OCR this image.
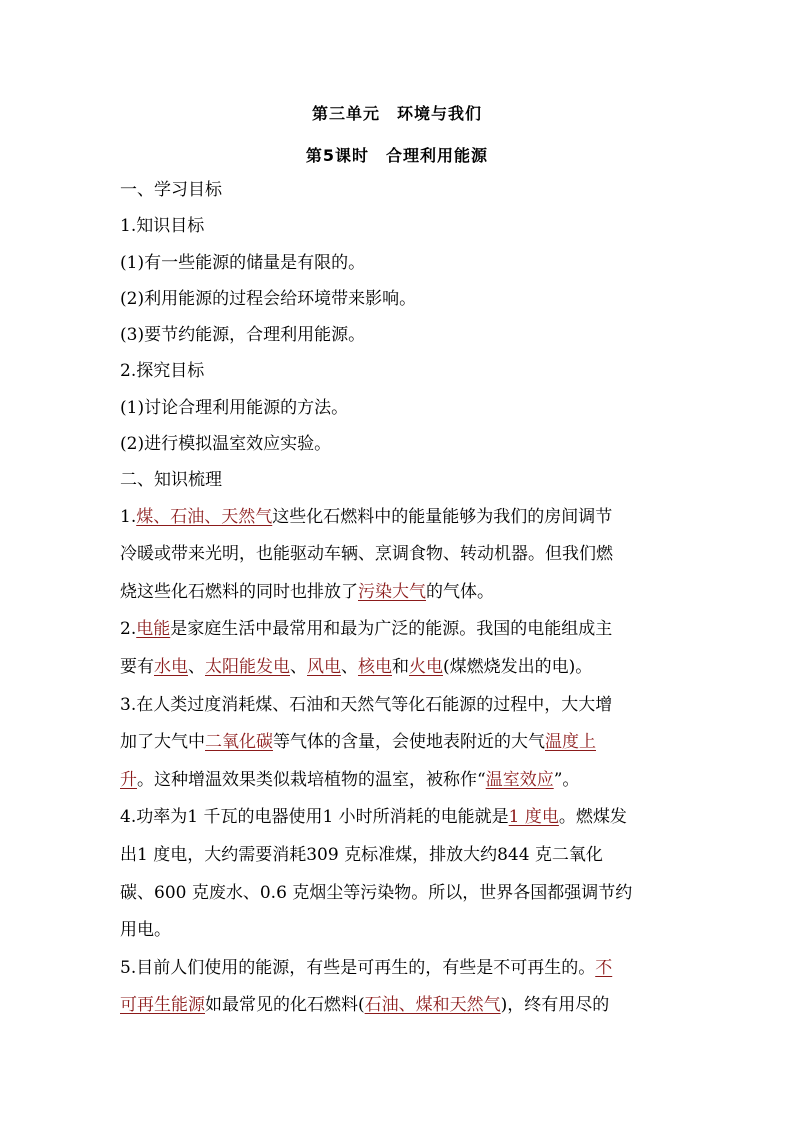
第三单元　环境与我们
第5课时　合理利用能源

一、学习目标

1.知识目标

(1)有一些能源的储量是有限的。

(2)利用能源的过程会给环境带来影响。

(3)要节约能源，合理利用能源。

2.探究目标

(1)讨论合理利用能源的方法。

(2)进行模拟温室效应实验。

二、知识梳理

1.煤、石油、天然气这些化石燃料中的能量能够为我们的房间调节

冷暖或带来光明，也能驱动车辆、烹调食物、转动机器。但我们燃

烧这些化石燃料的同时也排放了污染大气的气体。

2.电能是家庭生活中最常用和最为广泛的能源。我国的电能组成主

要有水电、太阳能发电、风电、核电和火电(煤燃烧发出的电)。

3.在人类过度消耗煤、石油和天然气等化石能源的过程中，大大增

加了大气中二氧化碳等气体的含量，会使地表附近的大气温度上

升。这种增温效果类似栽培植物的温室，被称作“温室效应”。

4.功率为1 千瓦的电器使用1 小时所消耗的电能就是1 度电。燃煤发

出1 度电，大约需要消耗309 克标准煤，排放大约844 克二氧化

碳、600 克废水、0.6 克烟尘等污染物。所以，世界各国都强调节约

用电。

5.目前人们使用的能源，有些是可再生的，有些是不可再生的。不

可再生能源如最常见的化石燃料(石油、煤和天然气)，终有用尽的
